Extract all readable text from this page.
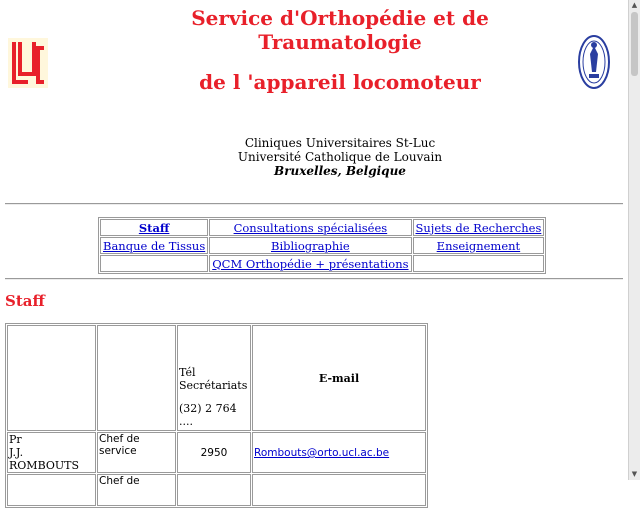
Service d'Orthopédie et de
Traumatologie
de l 'appareil locomoteur
Cliniques Universitaires St-Luc
Université Catholique de Louvain
Bruxelles, Belgique
Staff	Consultations spécialisées	Sujets de Recherches
Banque de Tissus	Bibliographie	Enseignement
	QCM Orthopédie + présentations	
Staff

		Tél
Secrétariats
(32) 2 764
....	E-mail

Pr
J.J. ROMBOUTS	Chef de service	2950	Rombouts@orto.ucl.ac.be
	Chef de		
▲
▼
